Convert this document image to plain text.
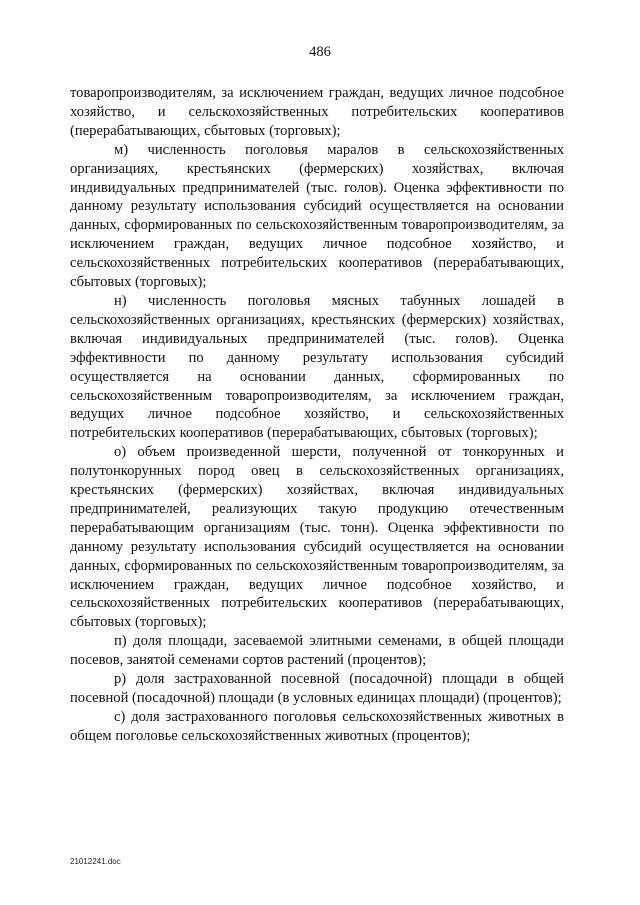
486

товаропроизводителям, за исключением граждан, ведущих личное подсобное хозяйство, и сельскохозяйственных потребительских кооперативов (перерабатывающих, сбытовых (торговых);

м) численность поголовья маралов в сельскохозяйственных организациях, крестьянских (фермерских) хозяйствах, включая индивидуальных предпринимателей (тыс. голов). Оценка эффективности по данному результату использования субсидий осуществляется на основании данных, сформированных по сельскохозяйственным товаропроизводителям, за исключением граждан, ведущих личное подсобное хозяйство, и сельскохозяйственных потребительских кооперативов (перерабатывающих, сбытовых (торговых);

н) численность поголовья мясных табунных лошадей в сельскохозяйственных организациях, крестьянских (фермерских) хозяйствах, включая индивидуальных предпринимателей (тыс. голов). Оценка эффективности по данному результату использования субсидий осуществляется на основании данных, сформированных по сельскохозяйственным товаропроизводителям, за исключением граждан, ведущих личное подсобное хозяйство, и сельскохозяйственных потребительских кооперативов (перерабатывающих, сбытовых (торговых);

о) объем произведенной шерсти, полученной от тонкорунных и полутонкорунных пород овец в сельскохозяйственных организациях, крестьянских (фермерских) хозяйствах, включая индивидуальных предпринимателей, реализующих такую продукцию отечественным перерабатывающим организациям (тыс. тонн). Оценка эффективности по данному результату использования субсидий осуществляется на основании данных, сформированных по сельскохозяйственным товаропроизводителям, за исключением граждан, ведущих личное подсобное хозяйство, и сельскохозяйственных потребительских кооперативов (перерабатывающих, сбытовых (торговых);

п) доля площади, засеваемой элитными семенами, в общей площади посевов, занятой семенами сортов растений (процентов);

р) доля застрахованной посевной (посадочной) площади в общей посевной (посадочной) площади (в условных единицах площади) (процентов);

с) доля застрахованного поголовья сельскохозяйственных животных в общем поголовье сельскохозяйственных животных (процентов);

21012241.doc
